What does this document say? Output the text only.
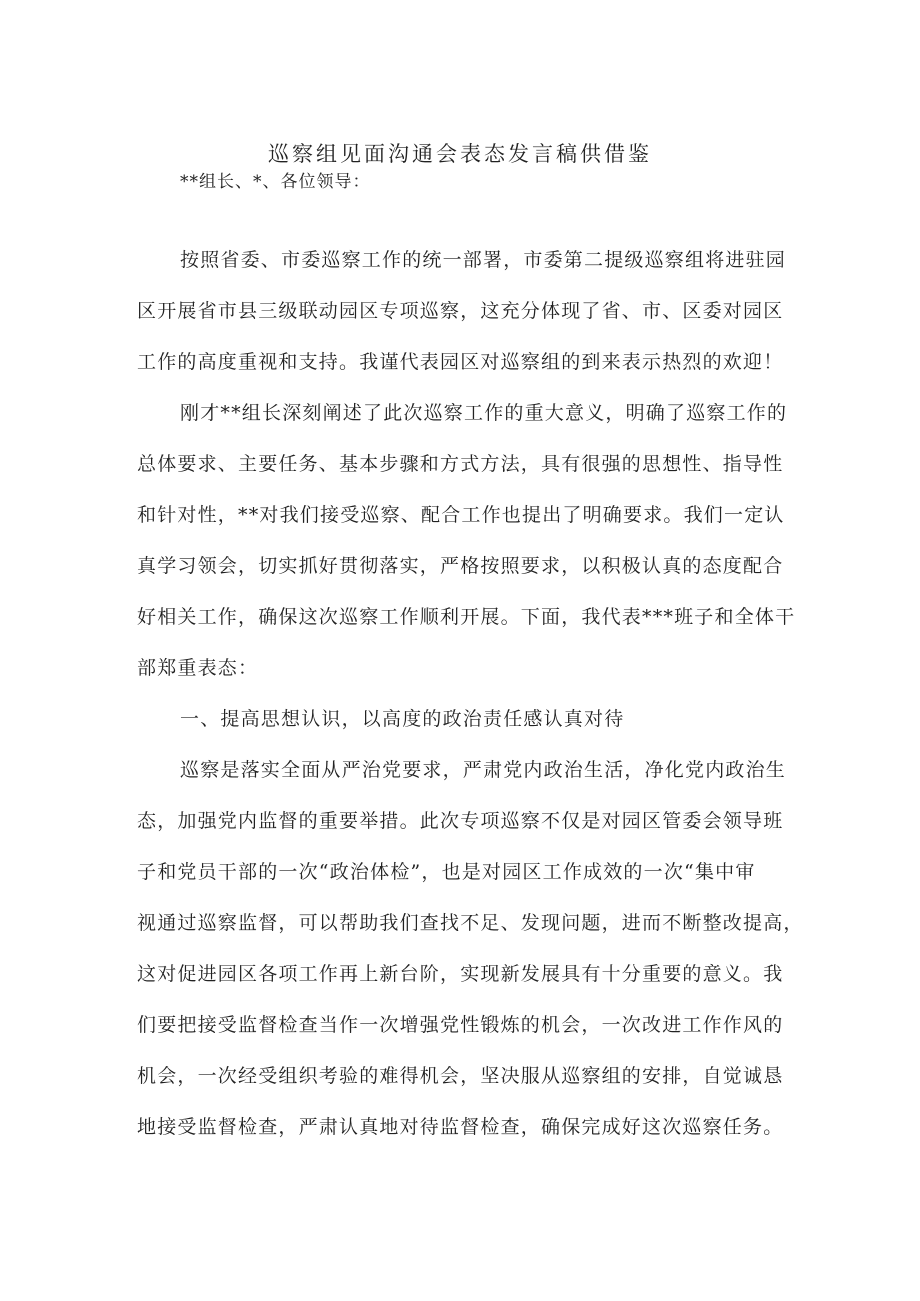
巡察组见面沟通会表态发言稿供借鉴
**组长、*、各位领导：
按照省委、市委巡察工作的统一部署，市委第二提级巡察组将进驻园
区开展省市县三级联动园区专项巡察，这充分体现了省、市、区委对园区
工作的高度重视和支持。我谨代表园区对巡察组的到来表示热烈的欢迎！
刚才**组长深刻阐述了此次巡察工作的重大意义，明确了巡察工作的
总体要求、主要任务、基本步骤和方式方法，具有很强的思想性、指导性
和针对性，**对我们接受巡察、配合工作也提出了明确要求。我们一定认
真学习领会，切实抓好贯彻落实，严格按照要求，以积极认真的态度配合
好相关工作，确保这次巡察工作顺利开展。下面，我代表***班子和全体干
部郑重表态：
一、提高思想认识，以高度的政治责任感认真对待
巡察是落实全面从严治党要求，严肃党内政治生活，净化党内政治生
态，加强党内监督的重要举措。此次专项巡察不仅是对园区管委会领导班
子和党员干部的一次“政治体检”，也是对园区工作成效的一次“集中审
视通过巡察监督，可以帮助我们查找不足、发现问题，进而不断整改提高，
这对促进园区各项工作再上新台阶，实现新发展具有十分重要的意义。我
们要把接受监督检查当作一次增强党性锻炼的机会，一次改进工作作风的
机会，一次经受组织考验的难得机会，坚决服从巡察组的安排，自觉诚恳
地接受监督检查，严肃认真地对待监督检查，确保完成好这次巡察任务。
